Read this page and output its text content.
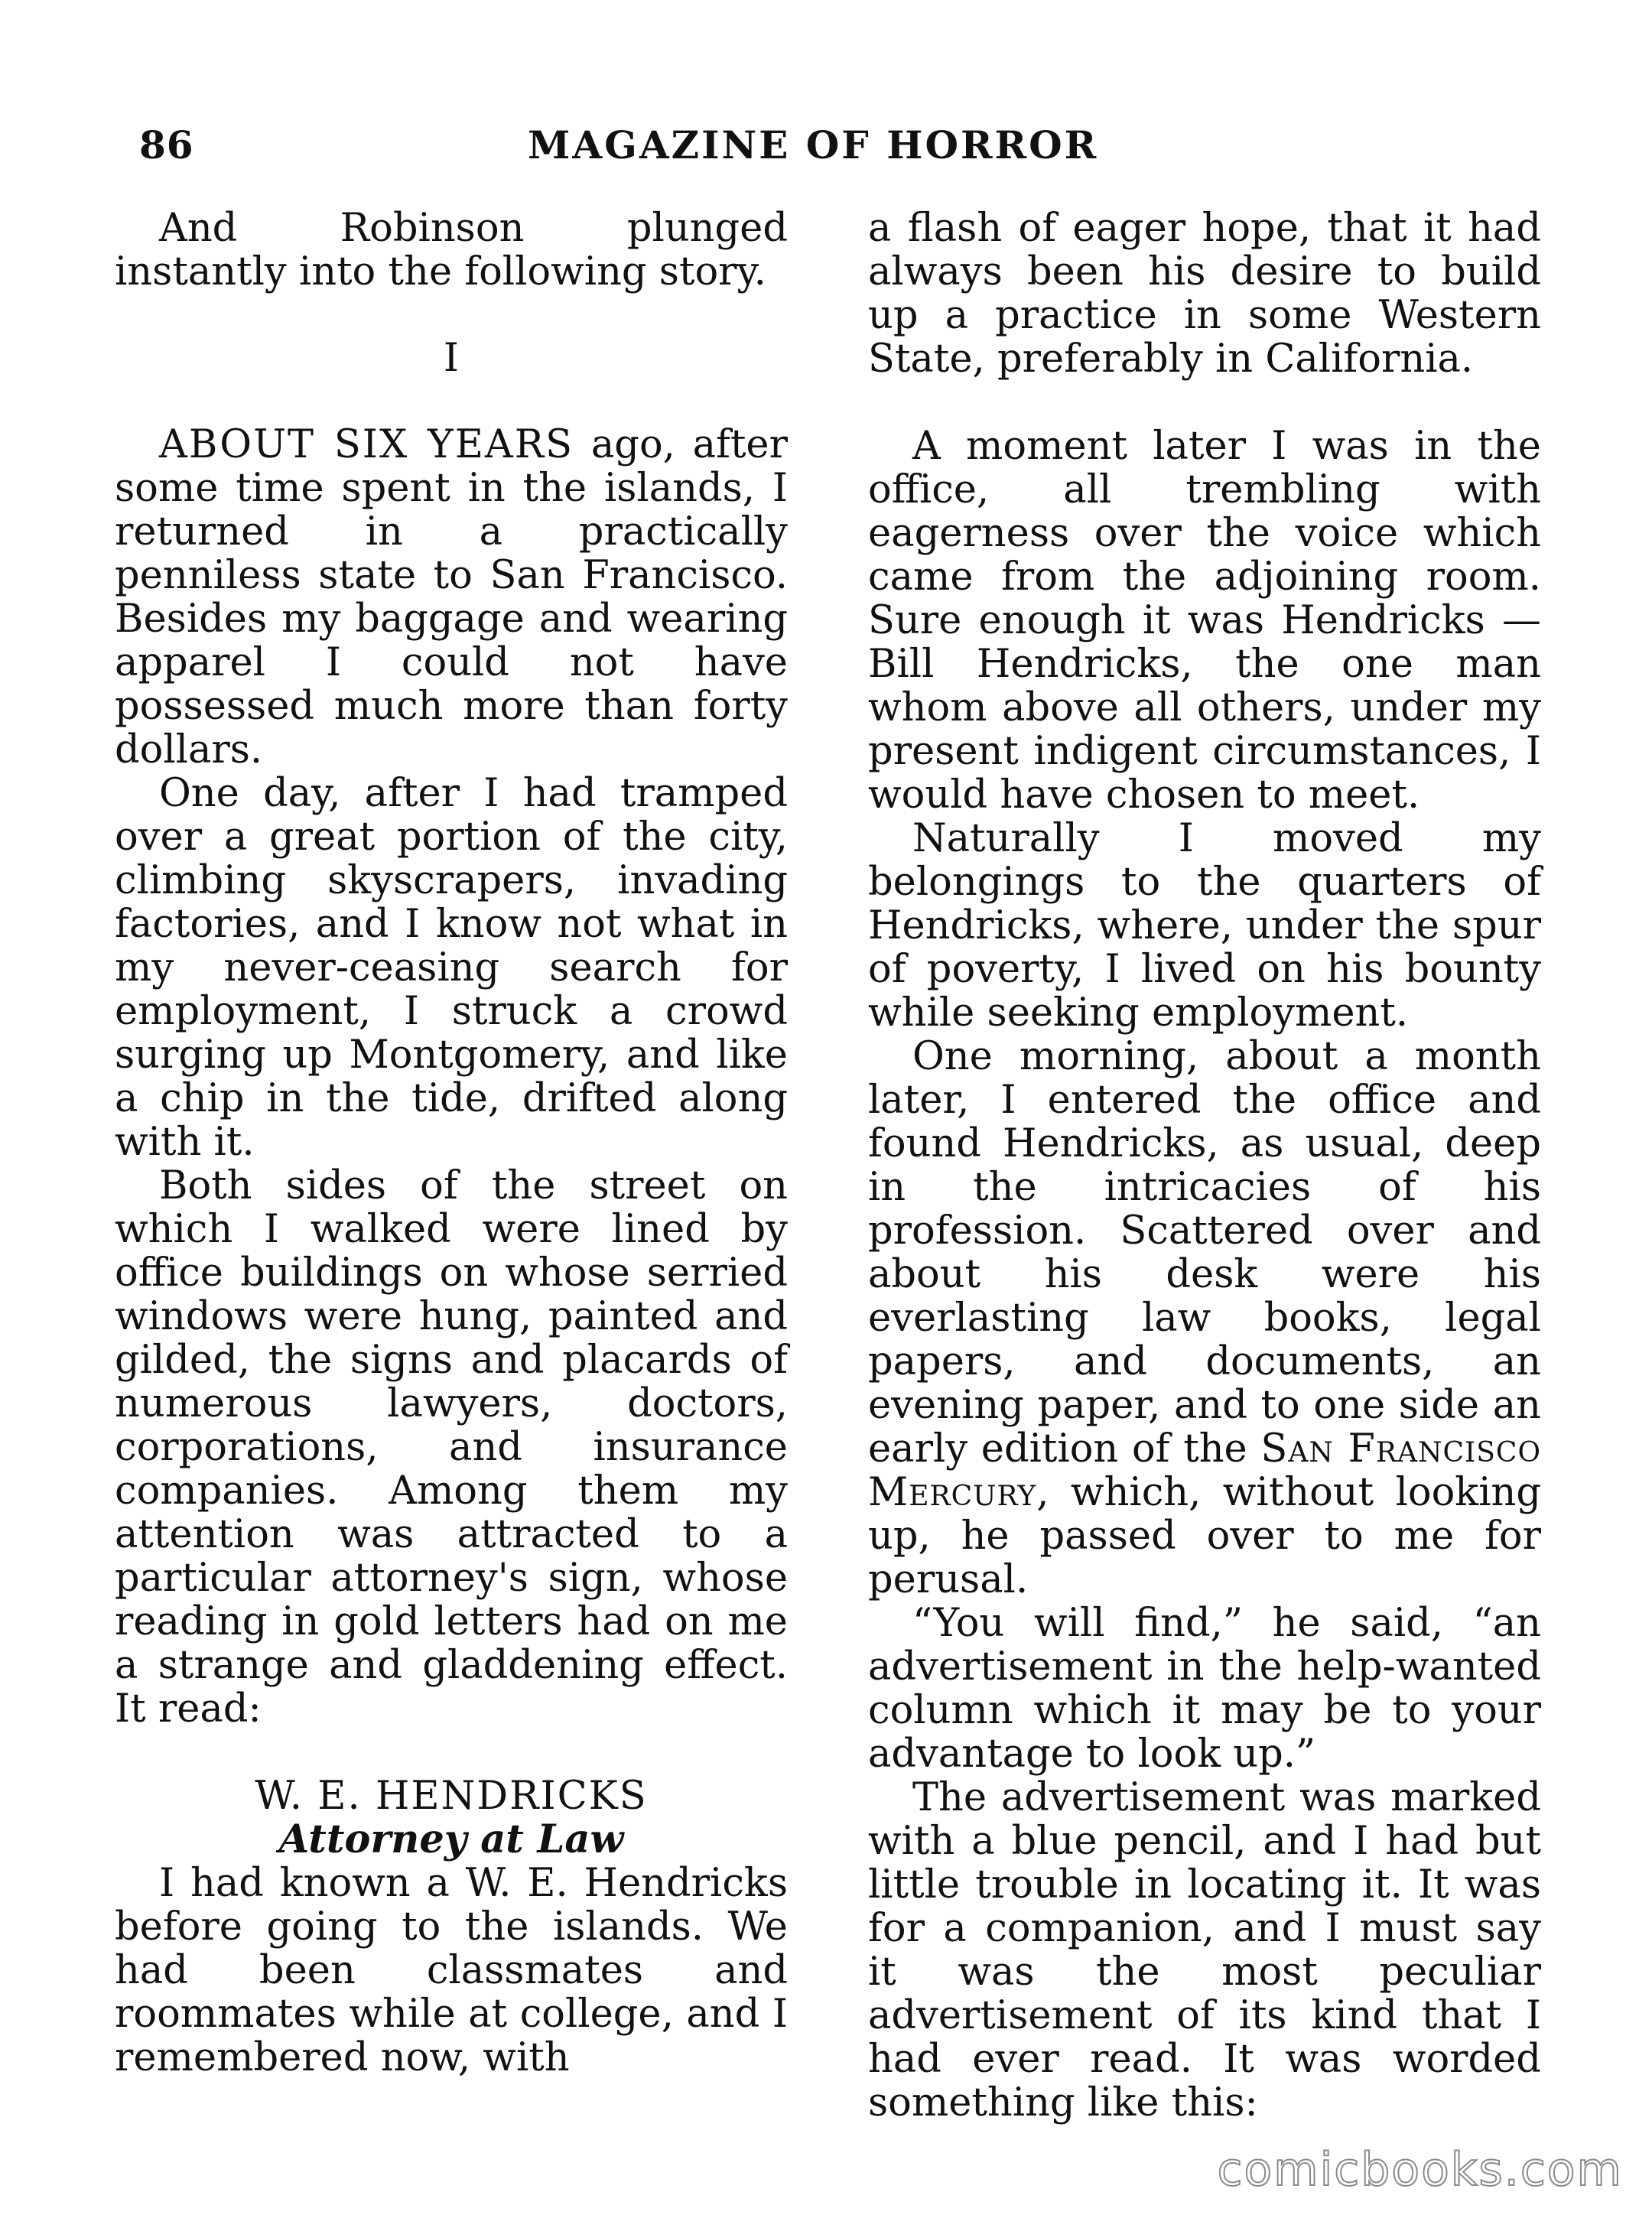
86	MAGAZINE OF HORROR

And Robinson plunged instantly into the following story.

I

ABOUT SIX YEARS ago, after some time spent in the islands, I returned in a practically penniless state to San Francisco. Besides my baggage and wearing apparel I could not have possessed much more than forty dollars.

One day, after I had tramped over a great portion of the city, climbing skyscrapers, invading factories, and I know not what in my never-ceasing search for employment, I struck a crowd surging up Montgomery, and like a chip in the tide, drifted along with it.

Both sides of the street on which I walked were lined by office buildings on whose serried windows were hung, painted and gilded, the signs and placards of numerous lawyers, doctors, corporations, and insurance companies. Among them my attention was attracted to a particular attorney's sign, whose reading in gold letters had on me a strange and gladdening effect. It read:

W. E. HENDRICKS
Attorney at Law

I had known a W. E. Hendricks before going to the islands. We had been classmates and roommates while at college, and I remembered now, with

a flash of eager hope, that it had always been his desire to build up a practice in some Western State, preferably in California.

A moment later I was in the office, all trembling with eagerness over the voice which came from the adjoining room. Sure enough it was Hendricks — Bill Hendricks, the one man whom above all others, under my present indigent circumstances, I would have chosen to meet.

Naturally I moved my belongings to the quarters of Hendricks, where, under the spur of poverty, I lived on his bounty while seeking employment.

One morning, about a month later, I entered the office and found Hendricks, as usual, deep in the intricacies of his profession. Scattered over and about his desk were his everlasting law books, legal papers, and documents, an evening paper, and to one side an early edition of the San Francisco Mercury, which, without looking up, he passed over to me for perusal.

“You will find,” he said, “an advertisement in the help-wanted column which it may be to your advantage to look up.”

The advertisement was marked with a blue pencil, and I had but little trouble in locating it. It was for a companion, and I must say it was the most peculiar advertisement of its kind that I had ever read. It was worded something like this:

comicbooks.com
